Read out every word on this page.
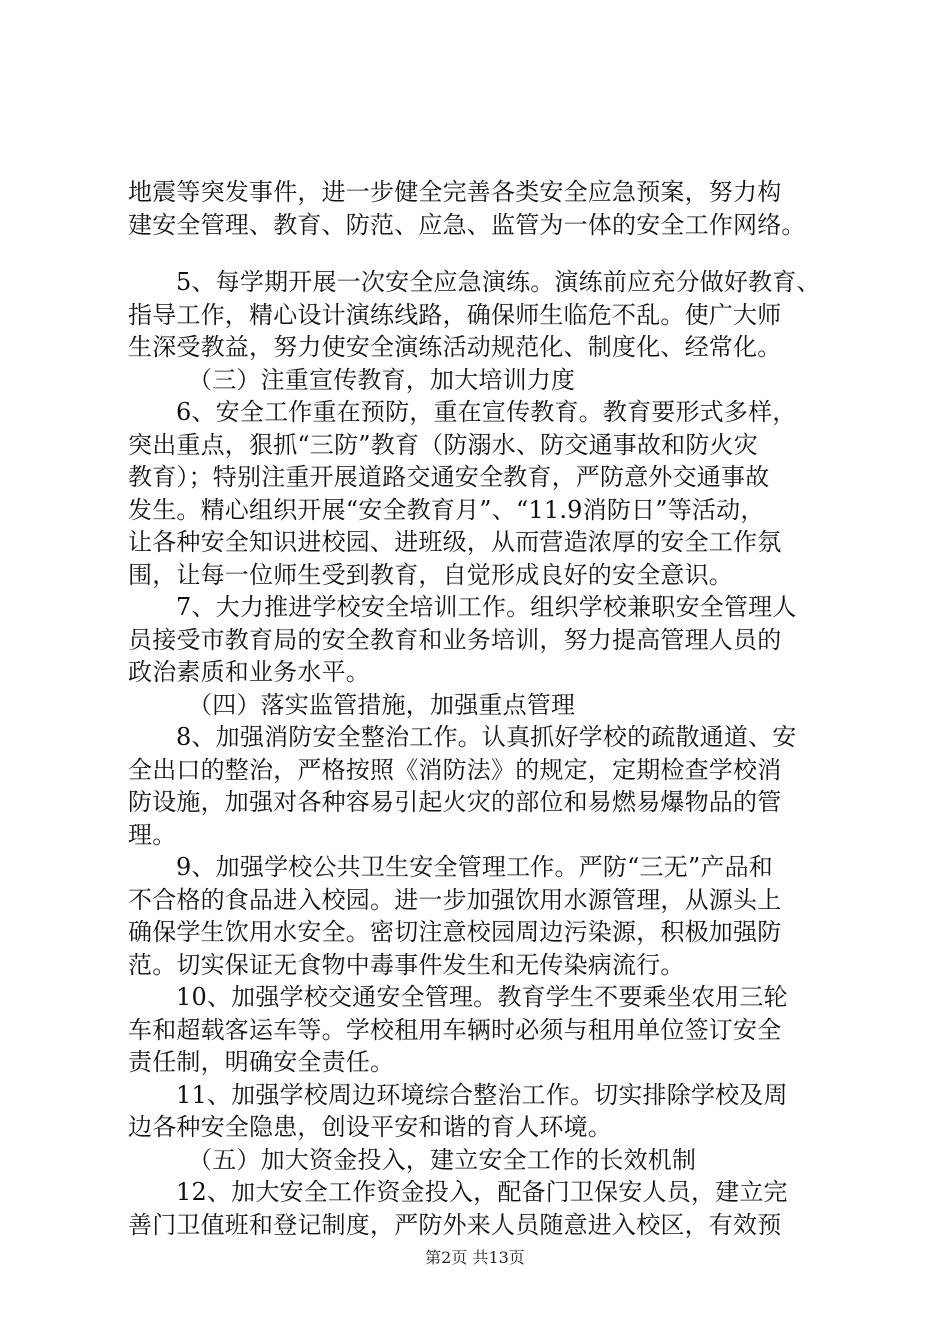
地震等突发事件，进一步健全完善各类安全应急预案，努力构
建安全管理、教育、防范、应急、监管为一体的安全工作网络。
5、每学期开展一次安全应急演练。演练前应充分做好教育、
指导工作，精心设计演练线路，确保师生临危不乱。使广大师
生深受教益，努力使安全演练活动规范化、制度化、经常化。
（三）注重宣传教育，加大培训力度
6、安全工作重在预防，重在宣传教育。教育要形式多样，
突出重点，狠抓“三防”教育（防溺水、防交通事故和防火灾
教育）；特别注重开展道路交通安全教育，严防意外交通事故
发生。精心组织开展“安全教育月”、“11.9消防日”等活动，
让各种安全知识进校园、进班级，从而营造浓厚的安全工作氛
围，让每一位师生受到教育，自觉形成良好的安全意识。
7、大力推进学校安全培训工作。组织学校兼职安全管理人
员接受市教育局的安全教育和业务培训，努力提高管理人员的
政治素质和业务水平。
（四）落实监管措施，加强重点管理
8、加强消防安全整治工作。认真抓好学校的疏散通道、安
全出口的整治，严格按照《消防法》的规定，定期检查学校消
防设施，加强对各种容易引起火灾的部位和易燃易爆物品的管
理。
9、加强学校公共卫生安全管理工作。严防“三无”产品和
不合格的食品进入校园。进一步加强饮用水源管理，从源头上
确保学生饮用水安全。密切注意校园周边污染源，积极加强防
范。切实保证无食物中毒事件发生和无传染病流行。
10、加强学校交通安全管理。教育学生不要乘坐农用三轮
车和超载客运车等。学校租用车辆时必须与租用单位签订安全
责任制，明确安全责任。
11、加强学校周边环境综合整治工作。切实排除学校及周
边各种安全隐患，创设平安和谐的育人环境。
（五）加大资金投入，建立安全工作的长效机制
12、加大安全工作资金投入，配备门卫保安人员，建立完
善门卫值班和登记制度，严防外来人员随意进入校区，有效预
第2页 共13页
